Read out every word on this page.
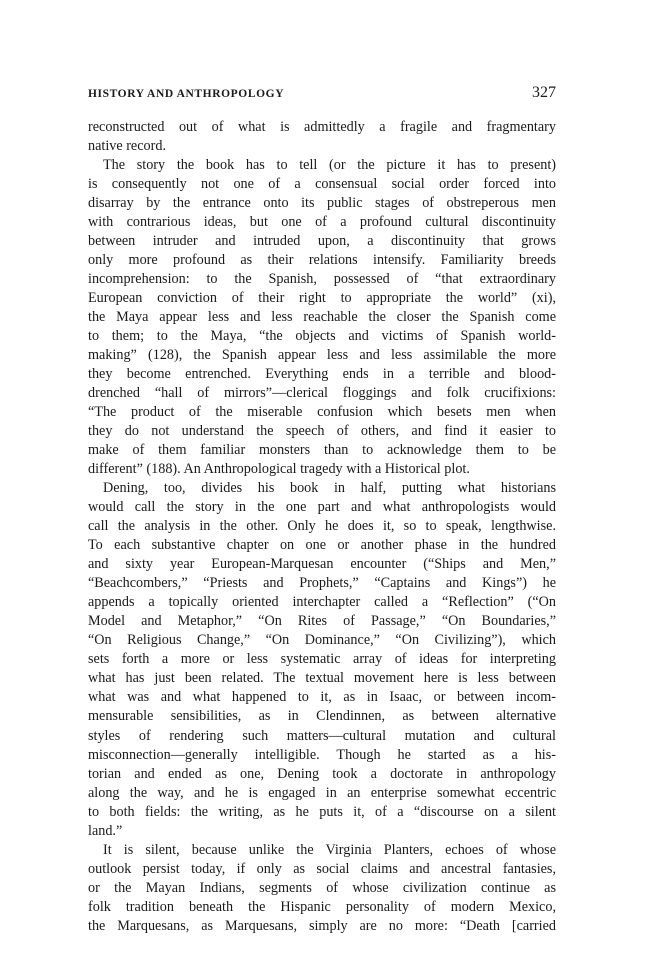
HISTORY AND ANTHROPOLOGY	327
reconstructed out of what is admittedly a fragile and fragmentary
native record.
The story the book has to tell (or the picture it has to present)
is consequently not one of a consensual social order forced into
disarray by the entrance onto its public stages of obstreperous men
with contrarious ideas, but one of a profound cultural discontinuity
between intruder and intruded upon, a discontinuity that grows
only more profound as their relations intensify. Familiarity breeds
incomprehension: to the Spanish, possessed of “that extraordinary
European conviction of their right to appropriate the world” (xi),
the Maya appear less and less reachable the closer the Spanish come
to them; to the Maya, “the objects and victims of Spanish world-
making” (128), the Spanish appear less and less assimilable the more
they become entrenched. Everything ends in a terrible and blood-
drenched “hall of mirrors”—clerical floggings and folk crucifixions:
“The product of the miserable confusion which besets men when
they do not understand the speech of others, and find it easier to
make of them familiar monsters than to acknowledge them to be
different” (188). An Anthropological tragedy with a Historical plot.
Dening, too, divides his book in half, putting what historians
would call the story in the one part and what anthropologists would
call the analysis in the other. Only he does it, so to speak, lengthwise.
To each substantive chapter on one or another phase in the hundred
and sixty year European-Marquesan encounter (“Ships and Men,”
“Beachcombers,” “Priests and Prophets,” “Captains and Kings”) he
appends a topically oriented interchapter called a “Reflection” (“On
Model and Metaphor,” “On Rites of Passage,” “On Boundaries,”
“On Religious Change,” “On Dominance,” “On Civilizing”), which
sets forth a more or less systematic array of ideas for interpreting
what has just been related. The textual movement here is less between
what was and what happened to it, as in Isaac, or between incom-
mensurable sensibilities, as in Clendinnen, as between alternative
styles of rendering such matters—cultural mutation and cultural
misconnection—generally intelligible. Though he started as a his-
torian and ended as one, Dening took a doctorate in anthropology
along the way, and he is engaged in an enterprise somewhat eccentric
to both fields: the writing, as he puts it, of a “discourse on a silent
land.”
It is silent, because unlike the Virginia Planters, echoes of whose
outlook persist today, if only as social claims and ancestral fantasies,
or the Mayan Indians, segments of whose civilization continue as
folk tradition beneath the Hispanic personality of modern Mexico,
the Marquesans, as Marquesans, simply are no more: “Death [carried
